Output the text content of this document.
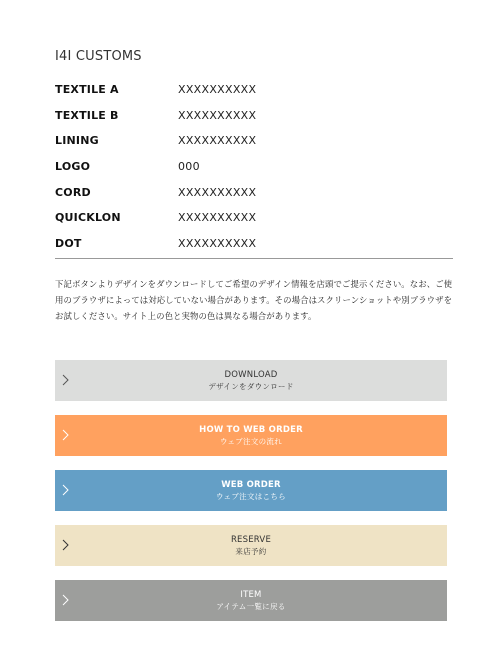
I4I CUSTOMS
TEXTILE A	XXXXXXXXXX
TEXTILE B	XXXXXXXXXX
LINING	XXXXXXXXXX
LOGO	000
CORD	XXXXXXXXXX
QUICKLON	XXXXXXXXXX
DOT	XXXXXXXXXX

下記ボタンよりデザインをダウンロードしてご希望のデザイン情報を店頭でご提示ください。なお、ご使用のブラウザによっては対応していない場合があります。その場合はスクリーンショットや別ブラウザをお試しください。サイト上の色と実物の色は異なる場合があります。

DOWNLOAD
デザインをダウンロード
HOW TO WEB ORDER
ウェブ注文の流れ
WEB ORDER
ウェブ注文はこちら
RESERVE
来店予約
ITEM
アイテム一覧に戻る
